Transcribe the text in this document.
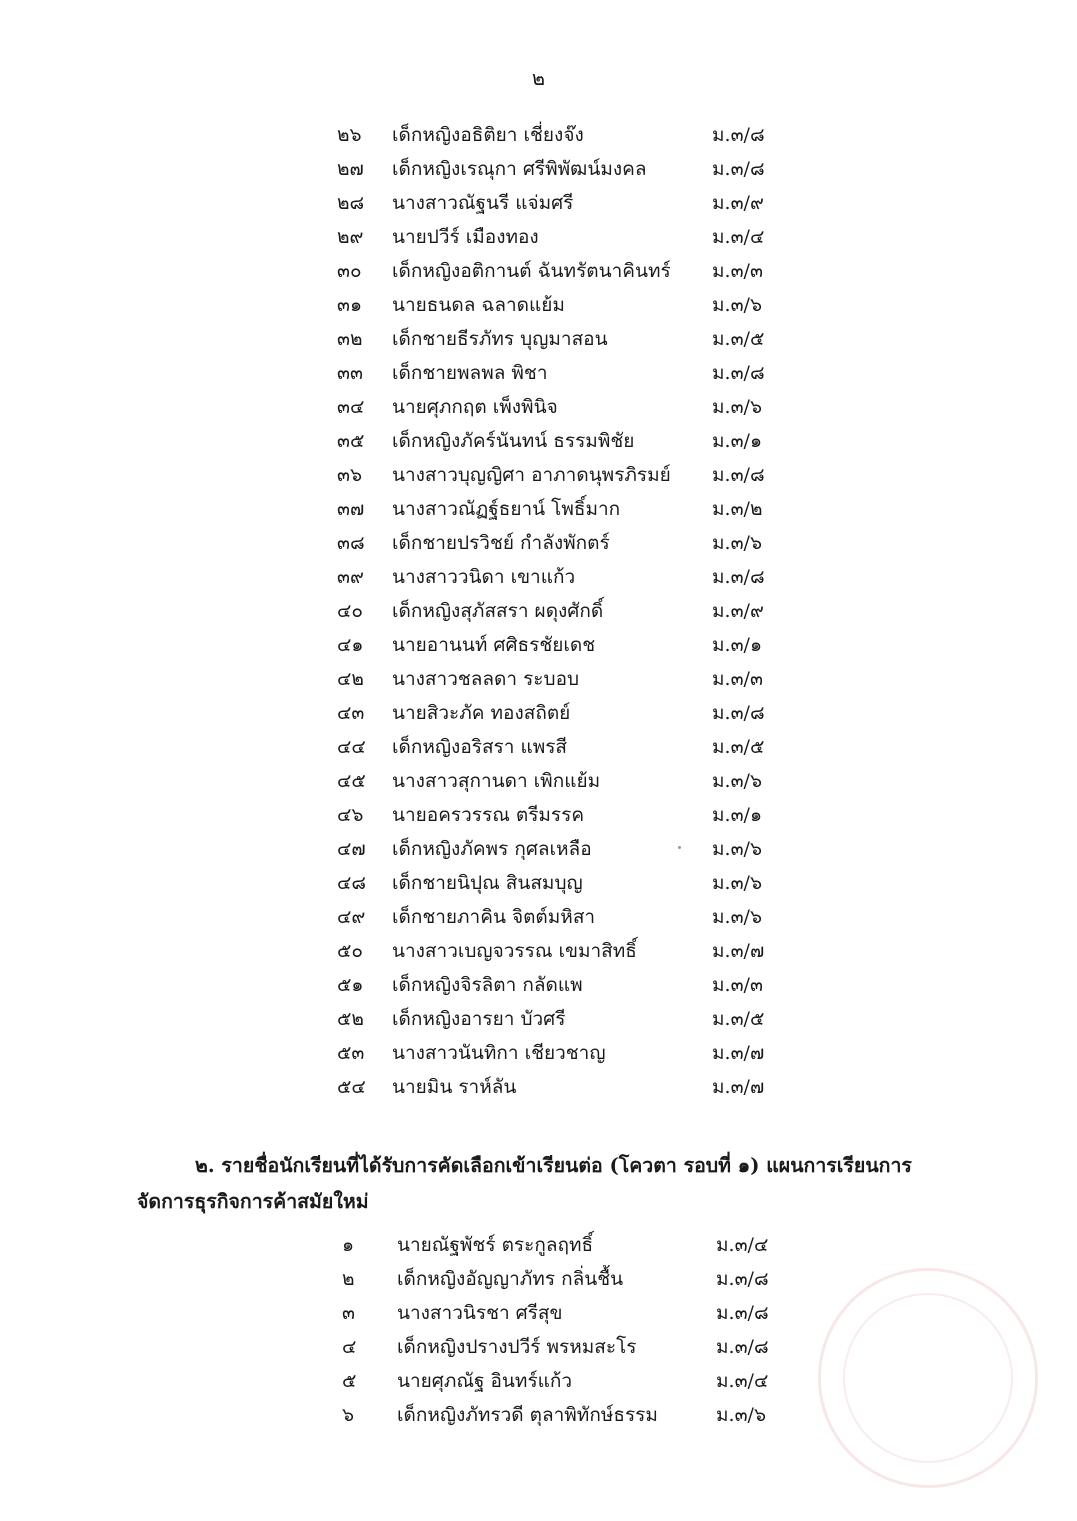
๒
๒๖	เด็กหญิงอธิติยา เชี่ยงจ๊ง	ม.๓/๘
๒๗	เด็กหญิงเรณุกา ศรีพิพัฒน์มงคล	ม.๓/๘
๒๘	นางสาวณัฐนรี แจ่มศรี	ม.๓/๙
๒๙	นายปวีร์ เมืองทอง	ม.๓/๔
๓๐	เด็กหญิงอติกานต์ ฉันทรัตนาคินทร์ ม.๓/๓
๓๑	นายธนดล ฉลาดแย้ม	ม.๓/๖
๓๒	เด็กชายธีรภัทร บุญมาสอน	ม.๓/๕
๓๓	เด็กชายพลพล พิชา	ม.๓/๘
๓๔	นายศุภกฤต เพ็งพินิจ	ม.๓/๖
๓๕	เด็กหญิงภัคร์นันทน์ ธรรมพิชัย	ม.๓/๑
๓๖	นางสาวบุญญิศา อาภาดนุพรภิรมย์ ม.๓/๘
๓๗	นางสาวณัฏฐ์ธยาน์ โพธิ์มาก	ม.๓/๒
๓๘	เด็กชายปรวิชย์ กำลังพักตร์	ม.๓/๖
๓๙	นางสาววนิดา เขาแก้ว	ม.๓/๘
๔๐	เด็กหญิงสุภัสสรา ผดุงศักดิ์	ม.๓/๙
๔๑	นายอานนท์ ศศิธรชัยเดช	ม.๓/๑
๔๒	นางสาวชลลดา ระบอบ	ม.๓/๓
๔๓	นายสิวะภัค ทองสถิตย์	ม.๓/๘
๔๔	เด็กหญิงอริสรา แพรสี	ม.๓/๕
๔๕	นางสาวสุกานดา เพิกแย้ม	ม.๓/๖
๔๖	นายอครวรรณ ตรีมรรค	ม.๓/๑
๔๗	เด็กหญิงภัคพร กุศลเหลือ	ม.๓/๖
๔๘	เด็กชายนิปุณ สินสมบุญ	ม.๓/๖
๔๙	เด็กชายภาคิน จิตต์มหิสา	ม.๓/๖
๕๐	นางสาวเบญจวรรณ เขมาสิทธิ์	ม.๓/๗
๕๑	เด็กหญิงจิรลิตา กลัดแพ	ม.๓/๓
๕๒	เด็กหญิงอารยา บัวศรี	ม.๓/๕
๕๓	นางสาวนันทิกา เชียวชาญ	ม.๓/๗
๕๔	นายมิน ราห์ลัน	ม.๓/๗
๒. รายชื่อนักเรียนที่ได้รับการคัดเลือกเข้าเรียนต่อ (โควตา รอบที่ ๑) แผนการเรียนการจัดการธุรกิจการค้าสมัยใหม่
๑	นายณัฐพัชร์ ตระกูลฤทธิ์	ม.๓/๔
๒	เด็กหญิงอัญญาภัทร กลิ่นชื้น	ม.๓/๘
๓	นางสาวนิรชา ศรีสุข	ม.๓/๘
๔	เด็กหญิงปรางปวีร์ พรหมสะโร	ม.๓/๘
๕	นายศุภณัฐ อินทร์แก้ว	ม.๓/๔
๖	เด็กหญิงภัทรวดี ตุลาพิทักษ์ธรรม	ม.๓/๖
